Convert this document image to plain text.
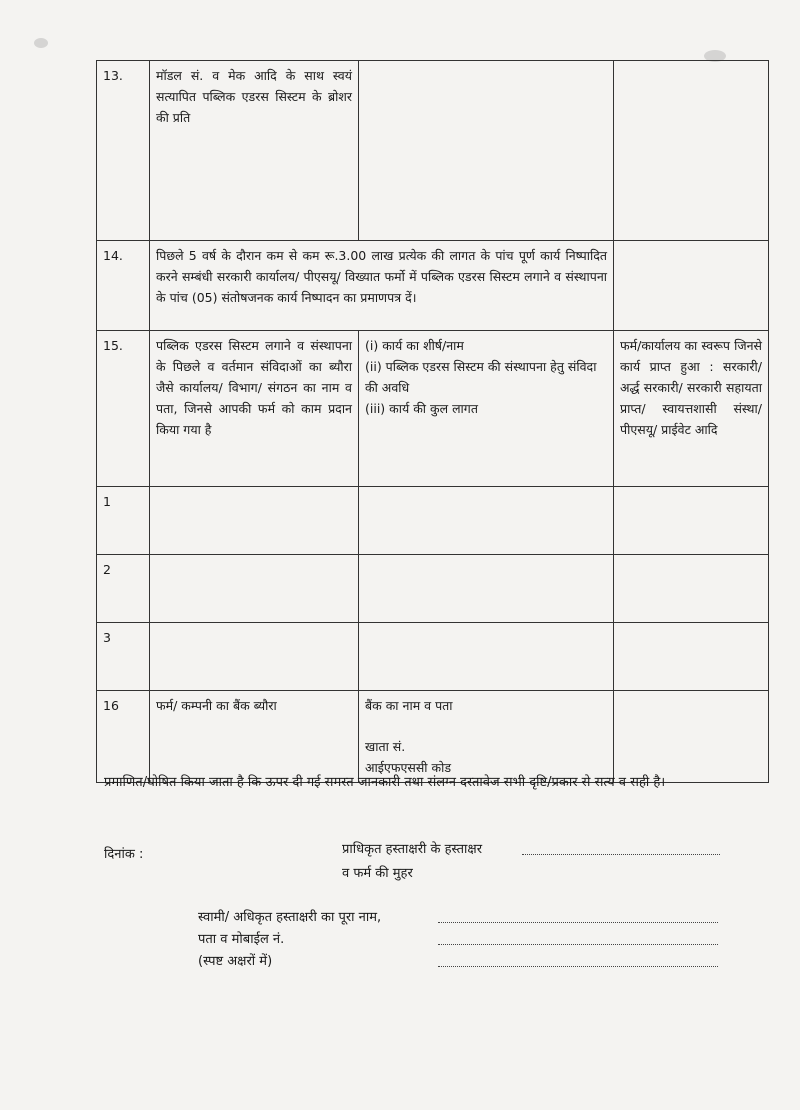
13.	मॉडल सं. व मेक आदि के साथ स्वयं सत्यापित पब्लिक एडरस सिस्टम के ब्रोशर की प्रति		
14.	पिछले 5 वर्ष के दौरान कम से कम रू.3.00 लाख प्रत्येक की लागत के पांच पूर्ण कार्य निष्पादित करने सम्बंधी सरकारी कार्यालय/ पीएसयू/ विख्यात फर्मो में पब्लिक एडरस सिस्टम लगाने व संस्थापना के पांच (05) संतोषजनक कार्य निष्पादन का प्रमाणपत्र दें।		
15.	पब्लिक एडरस सिस्टम लगाने व संस्थापना के पिछले व वर्तमान संविदाओं का ब्यौरा जैसे कार्यालय/ विभाग/ संगठन का नाम व पता, जिनसे आपकी फर्म को काम प्रदान किया गया है	(i) कार्य का शीर्ष/नाम
(ii) पब्लिक एडरस सिस्टम की संस्थापना हेतु संविदा की अवधि
(iii) कार्य की कुल लागत	फर्म/कार्यालय का स्वरूप जिनसे कार्य प्राप्त हुआ : सरकारी/ अर्द्ध सरकारी/ सरकारी सहायता प्राप्त/ स्वायत्तशासी संस्था/ पीएसयू/ प्राईवेट आदि
1			
2			
3			
16	फर्म/ कम्पनी का बैंक ब्यौरा	बैंक का नाम व पता
खाता सं.
आईएफएससी कोड	

प्रमाणित/घोषित किया जाता है कि ऊपर दी गई समस्त जानकारी तथा संलग्न दस्तावेज सभी दृष्टि/प्रकार से सत्य व सही है।
दिनांक :	प्राधिकृत हस्ताक्षरी के हस्ताक्षर
व फर्म की मुहर
स्वामी/ अधिकृत हस्ताक्षरी का पूरा नाम,
पता व मोबाईल नं.
(स्पष्ट अक्षरों में)
